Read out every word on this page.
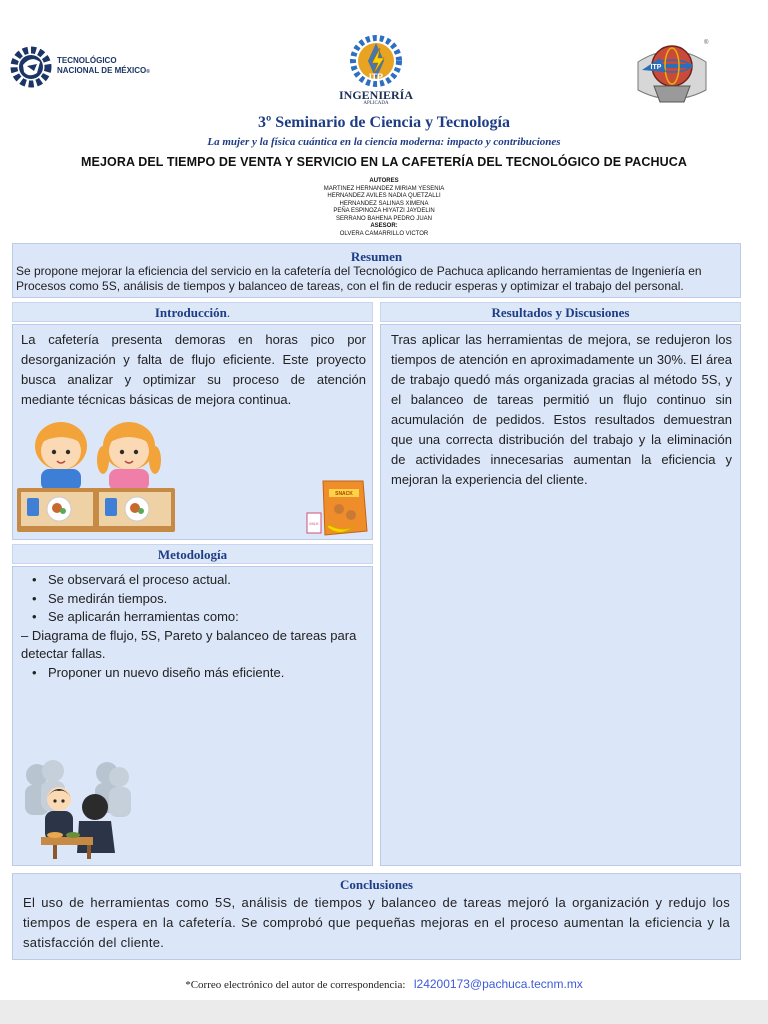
TECNOLÓGICO
NACIONAL DE MÉXICO®	ITP
INGENIERÍA
APLICADA
ITP
®
3º Seminario de Ciencia y Tecnología
La mujer y la física cuántica en la ciencia moderna: impacto y contribuciones
MEJORA DEL TIEMPO DE VENTA Y SERVICIO EN LA CAFETERÍA DEL TECNOLÓGICO DE PACHUCA
AUTORES
MARTINEZ HERNANDEZ MIRIAM YESENIA
HERNANDEZ AVILES NADIA QUETZALLI
HERNANDEZ SALINAS XIMENA
PEÑA ESPINOZA HIYATZI JAYDELIN
SERRANO BAHENA PEDRO JUAN
ASESOR:
OLVERA CAMARRILLO VICTOR
Resumen
Se propone mejorar la eficiencia del servicio en la cafetería del Tecnológico de Pachuca aplicando herramientas de Ingeniería en Procesos como 5S, análisis de tiempos y balanceo de tareas, con el fin de reducir esperas y optimizar el trabajo del personal.
Introducción.
La cafetería presenta demoras en horas pico por desorganización y falta de flujo eficiente. Este proyecto busca analizar y optimizar su proceso de atención mediante técnicas básicas de mejora continua.
SNACK
MILK
Metodología
• Se observará el proceso actual.
• Se medirán tiempos.
• Se aplicarán herramientas como:
– Diagrama de flujo, 5S, Pareto y balanceo de tareas para detectar fallas.
• Proponer un nuevo diseño más eficiente.
Resultados y Discusiones
Tras aplicar las herramientas de mejora, se redujeron los tiempos de atención en aproximadamente un 30%. El área de trabajo quedó más organizada gracias al método 5S, y el balanceo de tareas permitió un flujo continuo sin acumulación de pedidos. Estos resultados demuestran que una correcta distribución del trabajo y la eliminación de actividades innecesarias aumentan la eficiencia y mejoran la experiencia del cliente.
Conclusiones
El uso de herramientas como 5S, análisis de tiempos y balanceo de tareas mejoró la organización y redujo los tiempos de espera en la cafetería. Se comprobó que pequeñas mejoras en el proceso aumentan la eficiencia y la satisfacción del cliente.
*Correo electrónico del autor de correspondencia: l24200173@pachuca.tecnm.mx
